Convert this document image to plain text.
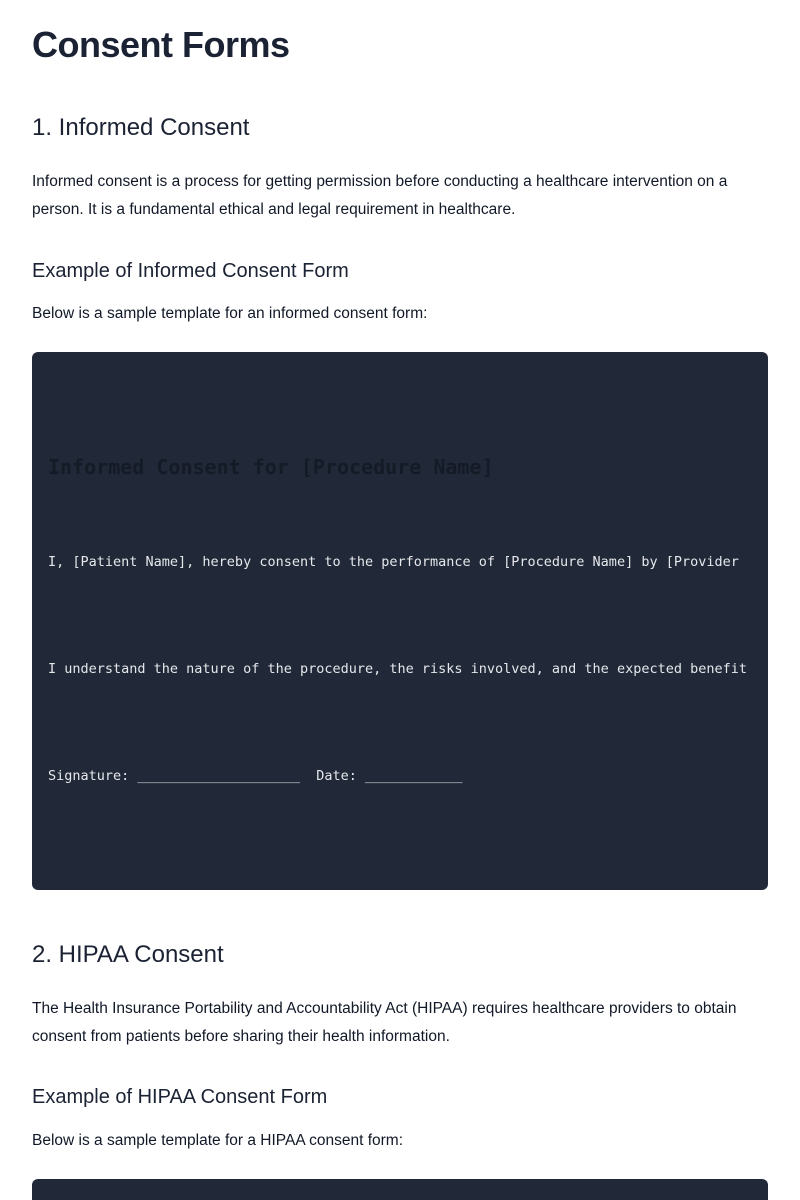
Consent Forms
1. Informed Consent

Informed consent is a process for getting permission before conducting a healthcare intervention on a person. It is a fundamental ethical and legal requirement in healthcare.

Example of Informed Consent Form

Below is a sample template for an informed consent form:

Informed Consent for [Procedure Name]
I, [Patient Name], hereby consent to the performance of [Procedure Name] by [Provider
I understand the nature of the procedure, the risks involved, and the expected benefit
Signature: ____________________  Date: ____________
2. HIPAA Consent

The Health Insurance Portability and Accountability Act (HIPAA) requires healthcare providers to obtain consent from patients before sharing their health information.

Example of HIPAA Consent Form

Below is a sample template for a HIPAA consent form:
